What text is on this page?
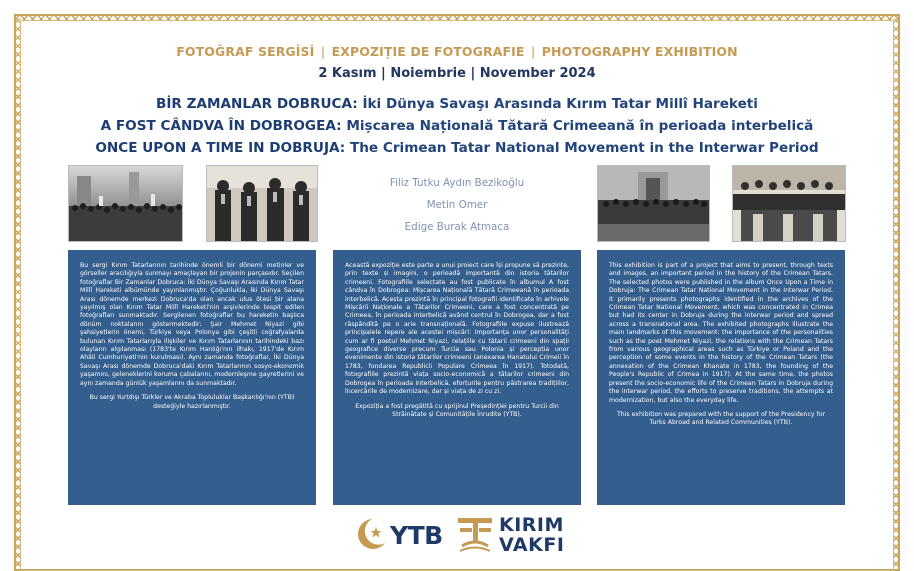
FOTOĞRAF SERGİSİ | EXPOZIȚIE DE FOTOGRAFIE | PHOTOGRAPHY EXHIBITION
2 Kasım | Noiembrie | November 2024
BİR ZAMANLAR DOBRUCA: İki Dünya Savaşı Arasında Kırım Tatar Millî Hareketi
A FOST CÂNDVA ÎN DOBROGEA: Mișcarea Națională Tătară Crimeeană în perioada interbelică
ONCE UPON A TIME IN DOBRUJA: The Crimean Tatar National Movement in the Interwar Period
Filiz Tutku Aydın Bezikoğlu
Metin Omer
Edige Burak Atmaca

Bu sergi Kırım Tatarlarının tarihinde önemli bir dönemi metinler ve görseller aracılığıyla sunmayı amaçlayan bir projenin parçasıdır. Seçilen fotoğraflar Bir Zamanlar Dobruca: İki Dünya Savaşı Arasında Kırım Tatar Millî Hareketi albümünde yayınlanmıştır. Çoğunlukla, İki Dünya Savaşı Arası dönemde merkezi Dobruca'da olan ancak ulus ötesi bir alana yayılmış olan Kırım Tatar Millî Hareketi'nin arşivlerinde tespit edilen fotoğrafları sunmaktadır. Sergilenen fotoğraflar bu hareketin başlıca dönüm noktalarını göstermektedir: Şair Mehmet Niyazi gibi şahsiyetlerin önemi, Türkiye veya Polonya gibi çeşitli coğrafyalarda bulunan Kırım Tatarlarıyla ilişkiler ve Kırım Tatarlarının tarihindeki bazı olayların algılanması (1783'te Kırım Hanlığı'nın ilhakı, 1917'de Kırım Ahâli Cumhuriyeti'nin kurulması). Aynı zamanda fotoğraflar, İki Dünya Savaşı Arası dönemde Dobruca'daki Kırım Tatarlarının sosyo-ekonomik yaşamını, geleneklerini koruma çabalarını, modernleşme gayretlerini ve aynı zamanda günlük yaşamlarını da sunmaktadır.

Bu sergi Yurtdışı Türkler ve Akraba Topluluklar Başkanlığı'nın (YTB) desteğiyle hazırlanmıştır.

Această expoziție este parte a unui proiect care își propune să prezinte, prin texte și imagini, o perioadă importantă din istoria tătarilor crimeeni. Fotografiile selectate au fost publicate în albumul A fost cândva în Dobrogea: Mișcarea Națională Tătară Crimeeană în perioada interbelică. Acesta prezintă în principal fotografii identificate în arhivele Mișcării Naționale a Tătarilor Crimeeni, care a fost concentrată pe Crimeea, în perioada interbelică având centrul în Dobrogea, dar a fost răspândită pe o arie transnațională. Fotografiile expuse ilustrează principalele repere ale acestei mișcări: importanța unor personalități cum ar fi poetul Mehmet Niyazi, relațiile cu tătarii crimeeni din spații geografice diverse precum Turcia sau Polonia și percepția unor evenimente din istoria tătarilor crimeeni (anexarea Hanatului Crimeii în 1783, fondarea Republicii Populare Crimeea în 1917). Totodată, fotografiile prezintă viața socio-economică a tătarilor crimeeni din Dobrogea în perioada interbelică, eforturile pentru păstrarea tradițiilor, încercările de modernizare, dar și viața de zi cu zi.

Expoziția a fost pregătită cu sprijinul Președinției pentru Turcii din Străinătate și Comunitățile Înrudite (YTB).

This exhibition is part of a project that aims to present, through texts and images, an important period in the history of the Crimean Tatars. The selected photos were published in the album Once Upon a Time in Dobruja: The Crimean Tatar National Movement in the Interwar Period. It primarily presents photographs identified in the archives of the Crimean Tatar National Movement, which was concentrated in Crimea but had its center in Dobruja during the interwar period and spread across a transnational area. The exhibited photographs illustrate the main landmarks of this movement: the importance of the personalities such as the poet Mehmet Niyazi, the relations with the Crimean Tatars from various geographical areas such as Türkiye or Poland and the perception of some events in the history of the Crimean Tatars (the annexation of the Crimean Khanate in 1783, the founding of the People's Republic of Crimea in 1917). At the same time, the photos present the socio-economic life of the Crimean Tatars in Dobruja during the interwar period, the efforts to preserve traditions, the attempts at modernization, but also the everyday life.

This exhibition was prepared with the support of the Presidency for Turks Abroad and Related Communities (YTB).

YTB	KIRIM
VAKFI
